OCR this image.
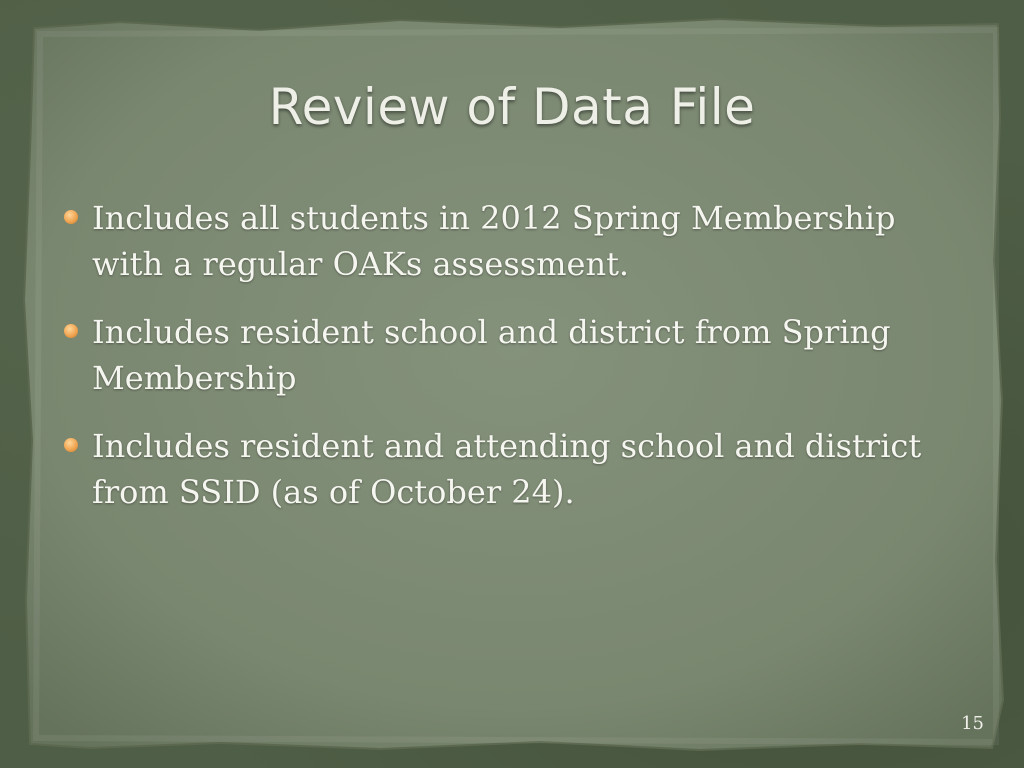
Review of Data File
Includes all students in 2012 Spring Membership with a regular OAKs assessment.
Includes resident school and district from Spring Membership
Includes resident and attending school and district from SSID (as of October 24).
15
